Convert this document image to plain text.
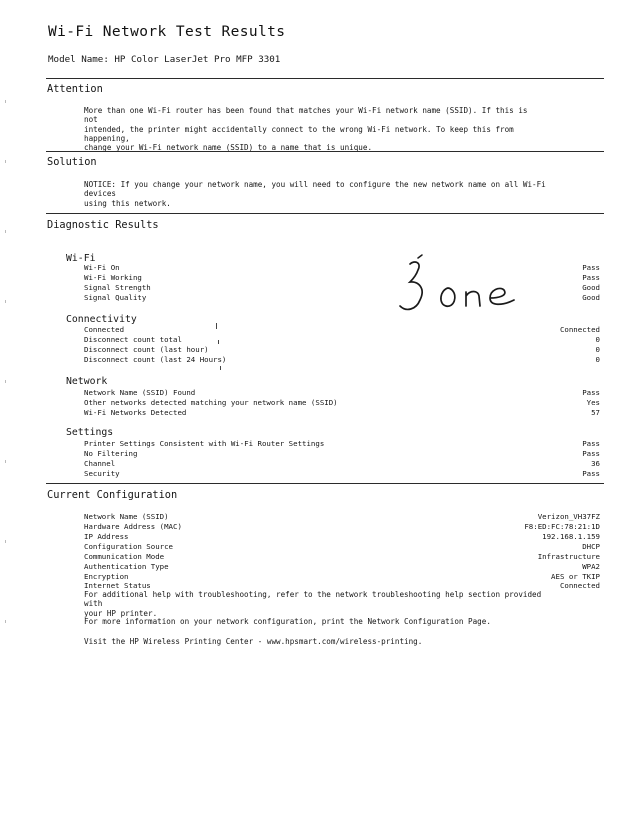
Wi-Fi Network Test Results
Model Name: HP Color LaserJet Pro MFP 3301
Attention
More than one Wi-Fi router has been found that matches your Wi-Fi network name (SSID). If this is not
intended, the printer might accidentally connect to the wrong Wi-Fi network. To keep this from happening,
change your Wi-Fi network name (SSID) to a name that is unique.
Solution
NOTICE: If you change your network name, you will need to configure the new network name on all Wi-Fi devices
using this network.
Diagnostic Results
Wi-Fi
Wi-Fi On	Pass
Wi-Fi Working	Pass
Signal Strength	Good
Signal Quality	Good
Connectivity
Connected	Connected
Disconnect count total	0
Disconnect count (last hour)	0
Disconnect count (last 24 Hours)	0
Network
Network Name (SSID) Found	Pass
Other networks detected matching your network name (SSID)	Yes
Wi-Fi Networks Detected	57
Settings
Printer Settings Consistent with Wi-Fi Router Settings	Pass
No Filtering	Pass
Channel	36
Security	Pass
Current Configuration
Network Name (SSID)	Verizon_VH37FZ
Hardware Address (MAC)	F8:ED:FC:78:21:1D
IP Address	192.168.1.159
Configuration Source	DHCP
Communication Mode	Infrastructure
Authentication Type	WPA2
Encryption	AES or TKIP
Internet Status	Connected
For additional help with troubleshooting, refer to the network troubleshooting help section provided with
your HP printer.
For more information on your network configuration, print the Network Configuration Page.
Visit the HP Wireless Printing Center - www.hpsmart.com/wireless-printing.
